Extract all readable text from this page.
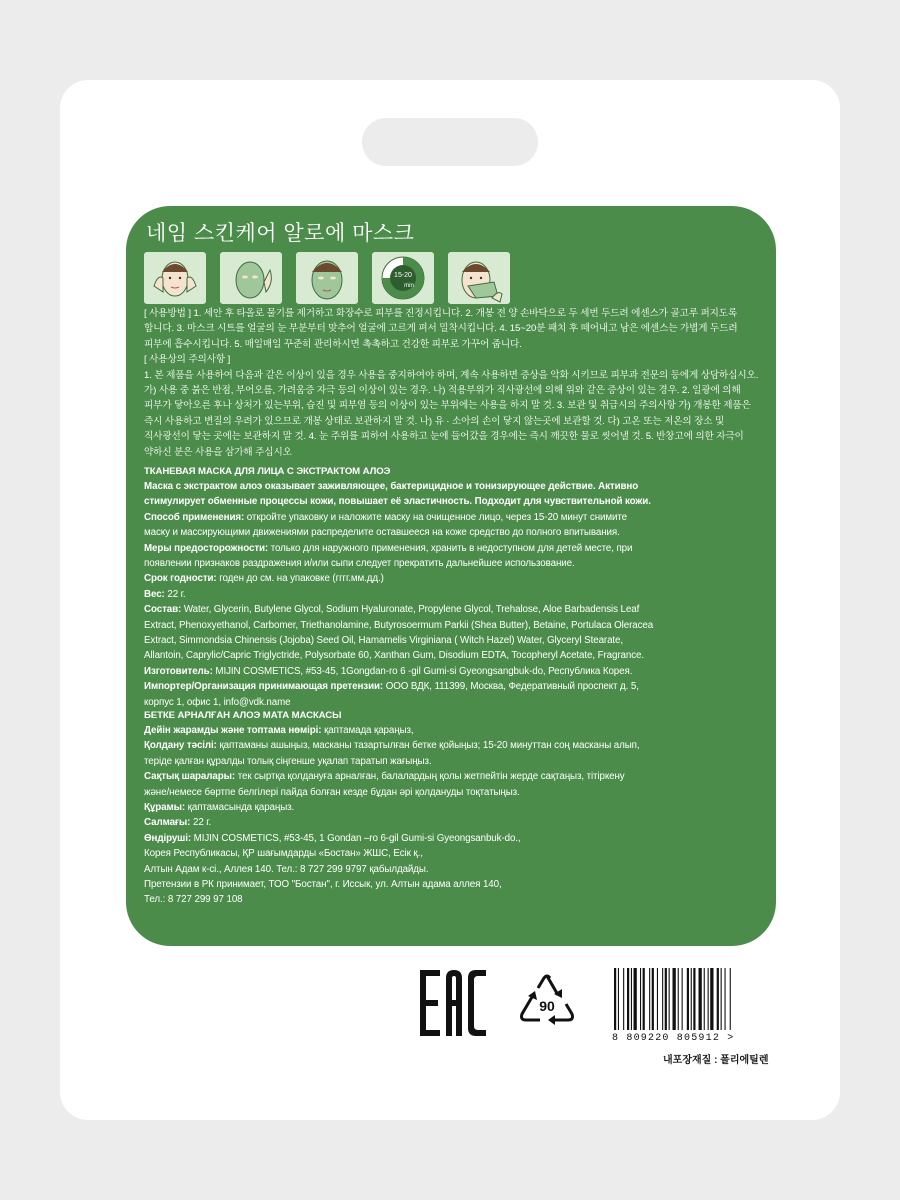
네임 스킨케어 알로에 마스크
15-20
min
[ 사용방법 ] 1. 세안 후 타올로 물기를 제거하고 화장수로 피부를 진정시킵니다. 2. 개봉 전 양 손바닥으로 두 세번 두드려 에센스가 골고루 퍼지도록
합니다. 3. 마스크 시트를 얼굴의 눈 부분부터 맞추어 얼굴에 고르게 펴서 밀착시킵니다. 4. 15~20분 패치 후 떼어내고 남은 에센스는 가볍게 두드려
피부에 흡수시킵니다. 5. 매일매일 꾸준히 관리하시면 촉촉하고 건강한 피부로 가꾸어 줍니다.
[ 사용상의 주의사항 ]
1. 본 제품을 사용하여 다음과 같은 이상이 있을 경우 사용을 중지하여야 하며, 계속 사용하면 증상을 악화 시키므로 피부과 전문의 등에게 상담하십시오.
가) 사용 중 붉은 반점, 부어오름, 가려움증 자극 등의 이상이 있는 경우. 나) 적용부위가 직사광선에 의해 위와 같은 증상이 있는 경우. 2. 일광에 의해
피부가 닿아오른 후나 상처가 있는부위, 습진 및 피부염 등의 이상이 있는 부위에는 사용을 하지 말 것. 3. 보관 및 취급시의 주의사항 가) 개봉한 제품은
즉시 사용하고 변질의 우려가 있으므로 개봉 상태로 보관하지 말 것. 나) 유 · 소아의 손이 닿지 않는곳에 보관할 것. 다) 고온 또는 저온의 장소 및
직사광선이 닿는 곳에는 보관하지 말 것. 4. 눈 주위를 피하여 사용하고 눈에 들어갔을 경우에는 즉시 깨끗한 물로 씻어낼 것. 5. 반창고에 의한 자극이
약하신 분은 사용을 삼가해 주십시오
ТКАНЕВАЯ МАСКА ДЛЯ ЛИЦА С ЭКСТРАКТОМ АЛОЭ
Маска с экстрактом алоэ оказывает заживляющее, бактерицидное и тонизирующее действие. Активно
стимулирует обменные процессы кожи, повышает её эластичность. Подходит для чувствительной кожи.
Способ применения: откройте упаковку и наложите маску на очищенное лицо, через 15-20 минут снимите
маску и массирующими движениями распределите оставшееся на коже средство до полного впитывания.
Меры предосторожности: только для наружного применения, хранить в недоступном для детей месте, при
появлении признаков раздражения и/или сыпи следует прекратить дальнейшее использование.
Срок годности: годен до см. на упаковке (гггг.мм.дд.)
Вес: 22 г.
Состав: Water, Glycerin, Butylene Glycol, Sodium Hyaluronate, Propylene Glycol, Trehalose, Aloe Barbadensis Leaf
Extract, Phenoxyethanol, Carbomer, Triethanolamine, Butyrosoermum Parkii (Shea Butter), Betaine, Portulaca Oleracea
Extract, Simmondsia Chinensis (Jojoba) Seed Oil, Hamamelis Virginiana ( Witch Hazel) Water, Glyceryl Stearate,
Allantoin, Caprylic/Capric Triglyctride, Polysorbate 60, Xanthan Gum, Disodium EDTA, Tocopheryl Acetate, Fragrance.
Изготовитель: MIJIN COSMETICS, #53-45, 1Gongdan-ro 6 -gil Gumi-si Gyeongsangbuk-do, Республика Корея.
Импортер/Организация принимающая претензии: ООО ВДК, 111399, Москва, Федеративный проспект д. 5,
корпус 1, офис 1, info@vdk.name
БЕТКЕ АРНАЛҒАН АЛОЭ МАТА МАСКАСЫ
Дейін жарамды және топтама нөмірі: қаптамада қараңыз,
Қолдану тәсілі: қаптаманы ашыңыз, масканы тазартылған бетке қойыңыз; 15-20 минуттан соң масканы алып,
теріде қалған құралды толық сіңгенше уқалап таратып жағыңыз.
Сақтық шаралары: тек сыртқа қолдануға арналған, балалардың қолы жетпейтін жерде сақтаңыз, тітіркену
және/немесе бөртпе белгілері пайда болған кезде бұдан әрі қолдануды тоқтатыңыз.
Құрамы: қаптамасында қараңыз.
Салмағы: 22 г.
Өндіруші: MIJIN COSMETICS, #53-45, 1 Gondan –ro 6-gil Gumi-si Gyeongsanbuk-do.,
Корея Республикасы, ҚР шағымдарды «Бостан» ЖШС, Есік қ.,
Алтын Адам к-сі., Аллея 140. Тел.: 8 727 299 9797 қабылдайды.
Претензии в РК принимает, ТОО "Бостан", г. Иссык, ул. Алтын адама аллея 140,
Тел.: 8 727 299 97 108
90
8 809220 805912 >
내포장재질 : 폴리에틸렌
